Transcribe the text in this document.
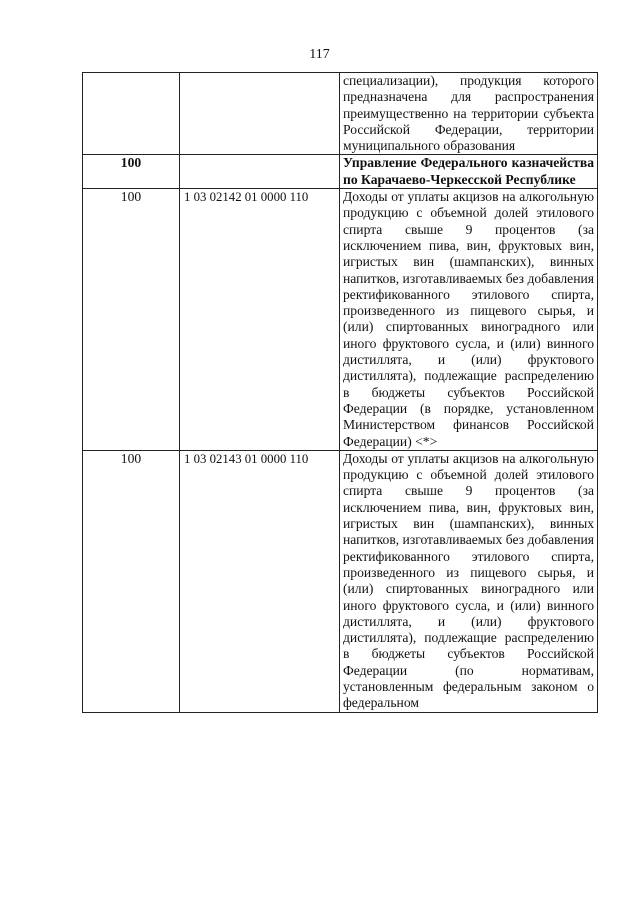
117
		специализации), продукция которого предназначена для распространения преимущественно на территории субъекта Российской Федерации, территории муниципального образования
100		Управление Федерального казначейства по Карачаево-Черкесской Республике
100	1 03 02142 01 0000 110	Доходы от уплаты акцизов на алкогольную продукцию с объемной долей этилового спирта свыше 9 процентов (за исключением пива, вин, фруктовых вин, игристых вин (шампанских), винных напитков, изготавливаемых без добавления ректификованного этилового спирта, произведенного из пищевого сырья, и (или) спиртованных виноградного или иного фруктового сусла, и (или) винного дистиллята, и (или) фруктового дистиллята), подлежащие распределению в бюджеты субъектов Российской Федерации (в порядке, установленном Министерством финансов Российской Федерации) <*>
100	1 03 02143 01 0000 110	Доходы от уплаты акцизов на алкогольную продукцию с объемной долей этилового спирта свыше 9 процентов (за исключением пива, вин, фруктовых вин, игристых вин (шампанских), винных напитков, изготавливаемых без добавления ректификованного этилового спирта, произведенного из пищевого сырья, и (или) спиртованных виноградного или иного фруктового сусла, и (или) винного дистиллята, и (или) фруктового дистиллята), подлежащие распределению в бюджеты субъектов Российской Федерации (по нормативам, установленным федеральным законом о федеральном
